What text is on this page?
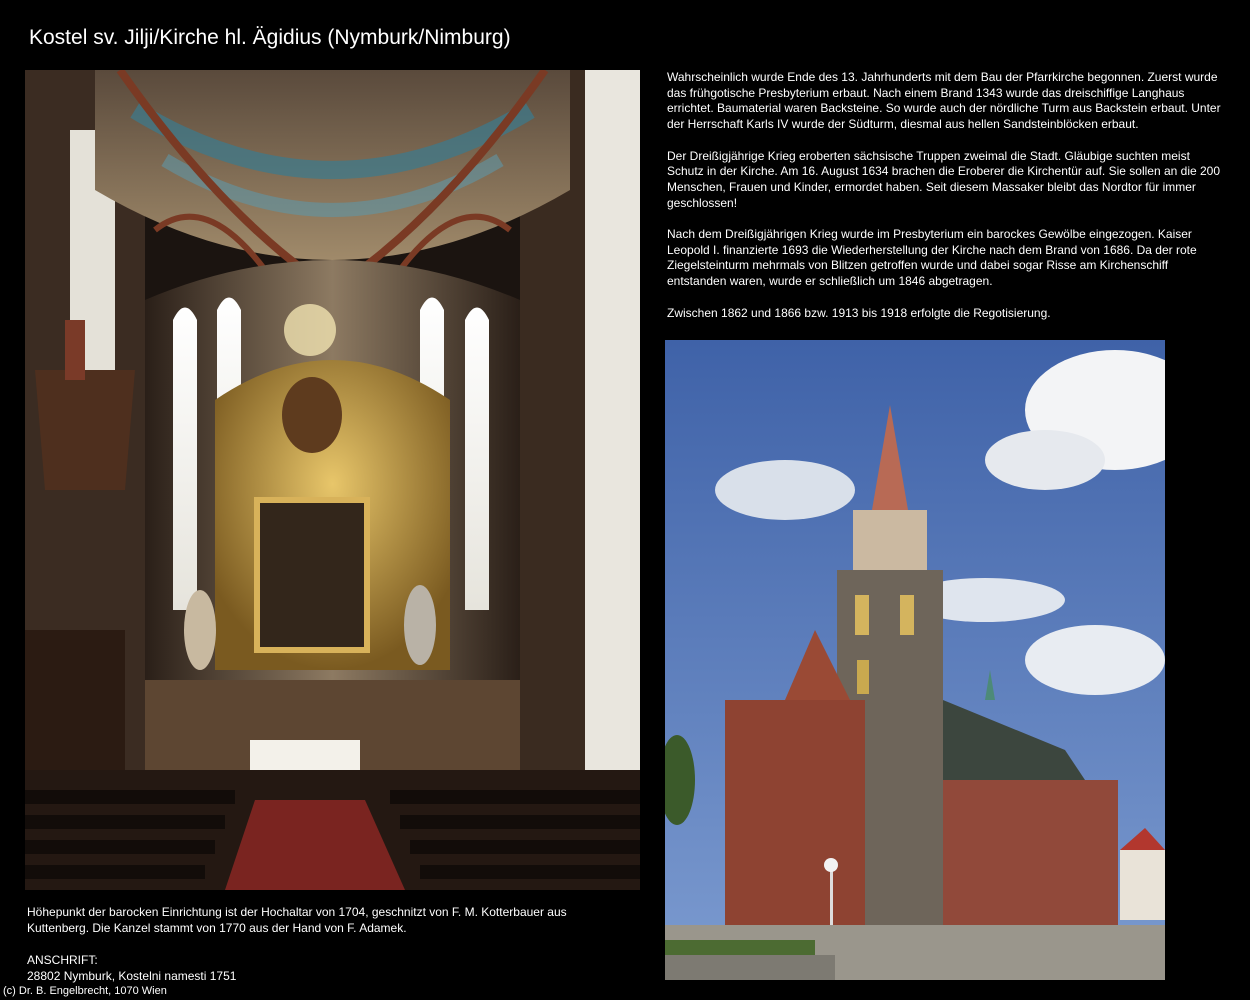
Kostel sv. Jilji/Kirche hl. Ägidius (Nymburk/Nimburg)

Wahrscheinlich wurde Ende des 13. Jahrhunderts mit dem Bau der Pfarrkirche begonnen. Zuerst wurde das frühgotische Presbyterium erbaut. Nach einem Brand 1343 wurde das dreischiffige Langhaus errichtet. Baumaterial waren Backsteine. So wurde auch der nördliche Turm aus Backstein erbaut. Unter der Herrschaft Karls IV wurde der Südturm, diesmal aus hellen Sandsteinblöcken erbaut.

Der Dreißigjährige Krieg eroberten sächsische Truppen zweimal die Stadt. Gläubige suchten meist Schutz in der Kirche. Am 16. August 1634 brachen die Eroberer die Kirchentür auf. Sie sollen an die 200 Menschen, Frauen und Kinder, ermordet haben. Seit diesem Massaker bleibt das Nordtor für immer geschlossen!

Nach dem Dreißigjährigen Krieg wurde im Presbyterium ein barockes Gewölbe eingezogen. Kaiser Leopold I. finanzierte 1693 die Wiederherstellung der Kirche nach dem Brand von 1686. Da der rote Ziegelsteinturm mehrmals von Blitzen getroffen wurde und dabei sogar Risse am Kirchenschiff entstanden waren, wurde er schließlich um 1846 abgetragen.

Zwischen 1862 und 1866 bzw. 1913 bis 1918 erfolgte die Regotisierung.

Höhepunkt der barocken Einrichtung ist der Hochaltar von 1704, geschnitzt von F. M. Kotterbauer aus
Kuttenberg. Die Kanzel stammt von 1770 aus der Hand von F. Adamek.
ANSCHRIFT:
28802 Nymburk, Kostelni namesti 1751
(c) Dr. B. Engelbrecht, 1070 Wien
